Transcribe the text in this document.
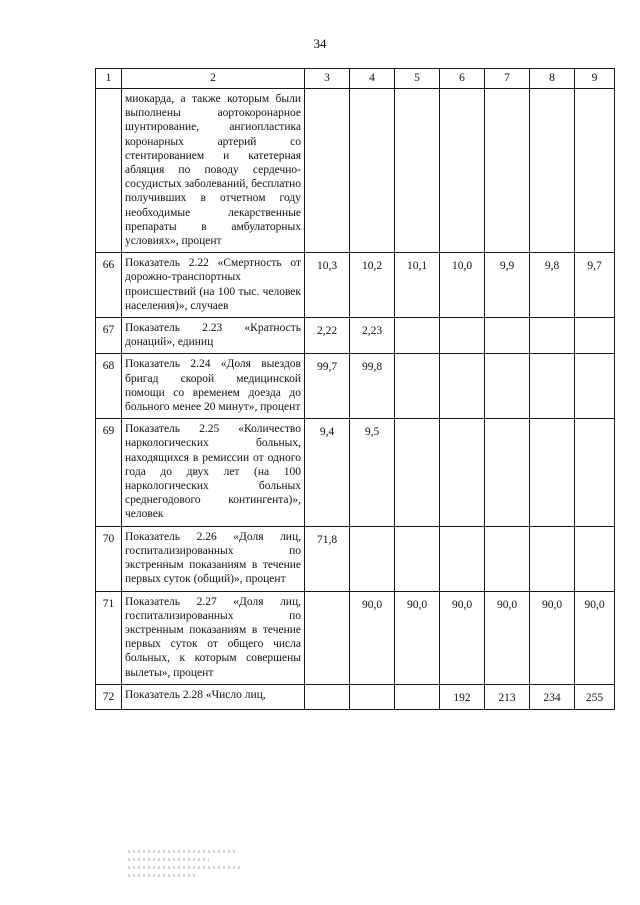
34
1	2	3	4	5	6	7	8	9
	миокарда, а также которым были выполнены аортокоронарное шунтирование, ангиопластика коронарных артерий со стентированием и катетерная абляция по поводу сердечно-сосудистых заболеваний, бесплатно получивших в отчетном году необходимые лекарственные препараты в амбулаторных условиях», процент							
66	Показатель 2.22 «Смертность от дорожно-транспортных происшествий (на 100 тыс. человек населения)», случаев	10,3	10,2	10,1	10,0	9,9	9,8	9,7
67	Показатель 2.23 «Кратность донаций», единиц	2,22	2,23					
68	Показатель 2.24 «Доля выездов бригад скорой медицинской помощи со временем доезда до больного менее 20 минут», процент	99,7	99,8					
69	Показатель 2.25 «Количество наркологических больных, находящихся в ремиссии от одного года до двух лет (на 100 наркологических больных среднегодового контингента)», человек	9,4	9,5					
70	Показатель 2.26 «Доля лиц, госпитализированных по экстренным показаниям в течение первых суток (общий)», процент	71,8						
71	Показатель 2.27 «Доля лиц, госпитализированных по экстренным показаниям в течение первых суток от общего числа больных, к которым совершены вылеты», процент		90,0	90,0	90,0	90,0	90,0	90,0
72	Показатель 2.28 «Число лиц,				192	213	234	255
